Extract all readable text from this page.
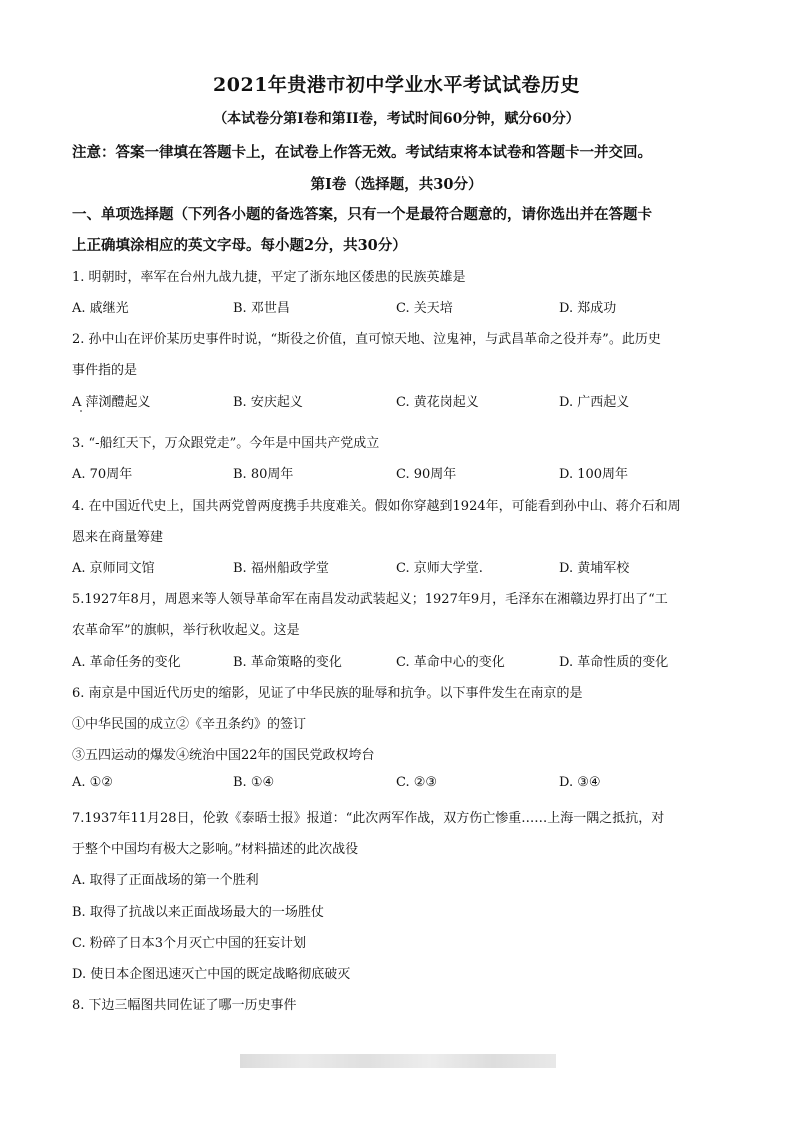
2021年贵港市初中学业水平考试试卷历史
（本试卷分第Ⅰ卷和第II卷，考试时间60分钟，赋分60分）
注意：答案一律填在答题卡上，在试卷上作答无效。考试结束将本试卷和答题卡一并交回。
第Ⅰ卷（选择题，共30分）
一、单项选择题（下列各小题的备选答案，只有一个是最符合题意的，请你选出并在答题卡
上正确填涂相应的英文字母。每小题2分，共30分）
1. 明朝时，率军在台州九战九捷，平定了浙东地区倭患的民族英雄是
A. 戚继光	B. 邓世昌	C. 关天培	D. 郑成功
2. 孙中山在评价某历史事件时说，“斯役之价值，直可惊天地、泣鬼神，与武昌革命之役并寿”。此历史
事件指的是
A 萍浏醴起义	B. 安庆起义	C. 黄花岗起义	D. 广西起义
3. “-船红天下，万众跟党走”。今年是中国共产党成立
A. 70周年	B. 80周年	C. 90周年	D. 100周年
4. 在中国近代史上，国共两党曾两度携手共度难关。假如你穿越到1924年，可能看到孙中山、蒋介石和周
恩来在商量筹建
A. 京师同文馆	B. 福州船政学堂	C. 京师大学堂.	D. 黄埔军校
5.1927年8月，周恩来等人领导革命军在南昌发动武装起义；1927年9月，毛泽东在湘赣边界打出了“工
农革命军”的旗帜，举行秋收起义。这是
A. 革命任务的变化	B. 革命策略的变化	C. 革命中心的变化	D. 革命性质的变化
6. 南京是中国近代历史的缩影，见证了中华民族的耻辱和抗争。以下事件发生在南京的是
①中华民国的成立②《辛丑条约》的签订
③五四运动的爆发④统治中国22年的国民党政权垮台
A. ①②	B. ①④	C. ②③	D. ③④
7.1937年11月28日，伦敦《泰晤士报》报道：“此次两军作战，双方伤亡惨重……上海一隅之抵抗，对
于整个中国均有极大之影响。”材料描述的此次战役
A. 取得了正面战场的第一个胜利
B. 取得了抗战以来正面战场最大的一场胜仗
C. 粉碎了日本3个月灭亡中国的狂妄计划
D. 使日本企图迅速灭亡中国的既定战略彻底破灭
8. 下边三幅图共同佐证了哪一历史事件
